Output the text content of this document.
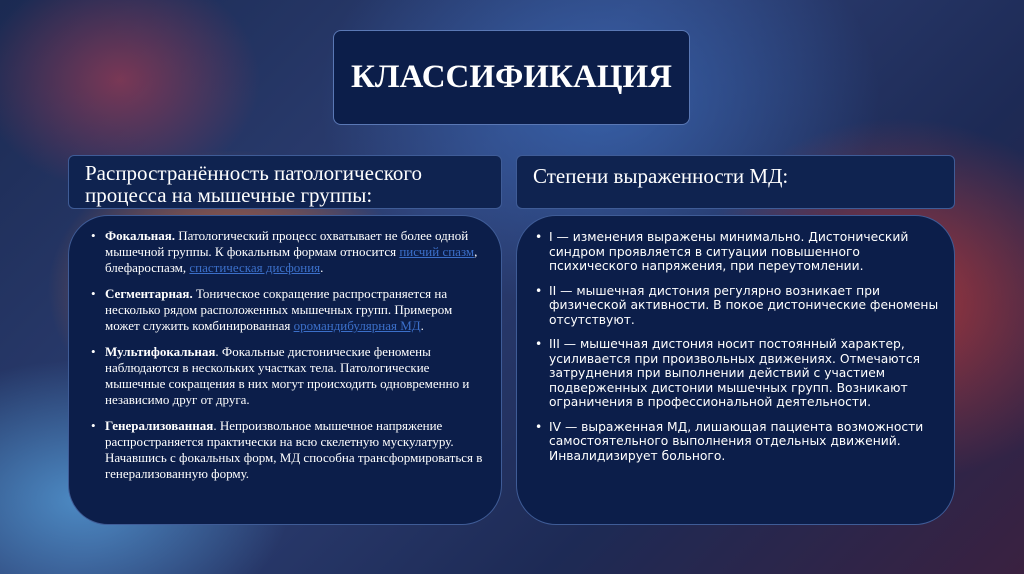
КЛАССИФИКАЦИЯ
Распространённость патологического процесса на мышечные группы:
Степени выраженности МД:
• Фокальная. Патологический процесс охватывает не более одной мышечной группы. К фокальным формам относится писчий спазм, блефароспазм, спастическая дисфония.
• Сегментарная. Тоническое сокращение распространяется на несколько рядом расположенных мышечных групп. Примером может служить комбинированная оромандибулярная МД.
• Мультифокальная. Фокальные дистонические феномены наблюдаются в нескольких участках тела. Патологические мышечные сокращения в них могут происходить одновременно и независимо друг от друга.
• Генерализованная. Непроизвольное мышечное напряжение распространяется практически на всю скелетную мускулатуру. Начавшись с фокальных форм, МД способна трансформироваться в генерализованную форму.
• I — изменения выражены минимально. Дистонический синдром проявляется в ситуации повышенного психического напряжения, при переутомлении.
• II — мышечная дистония регулярно возникает при физической активности. В покое дистонические феномены отсутствуют.
• III — мышечная дистония носит постоянный характер, усиливается при произвольных движениях. Отмечаются затруднения при выполнении действий с участием подверженных дистонии мышечных групп. Возникают ограничения в профессиональной деятельности.
• IV — выраженная МД, лишающая пациента возможности самостоятельного выполнения отдельных движений. Инвалидизирует больного.
